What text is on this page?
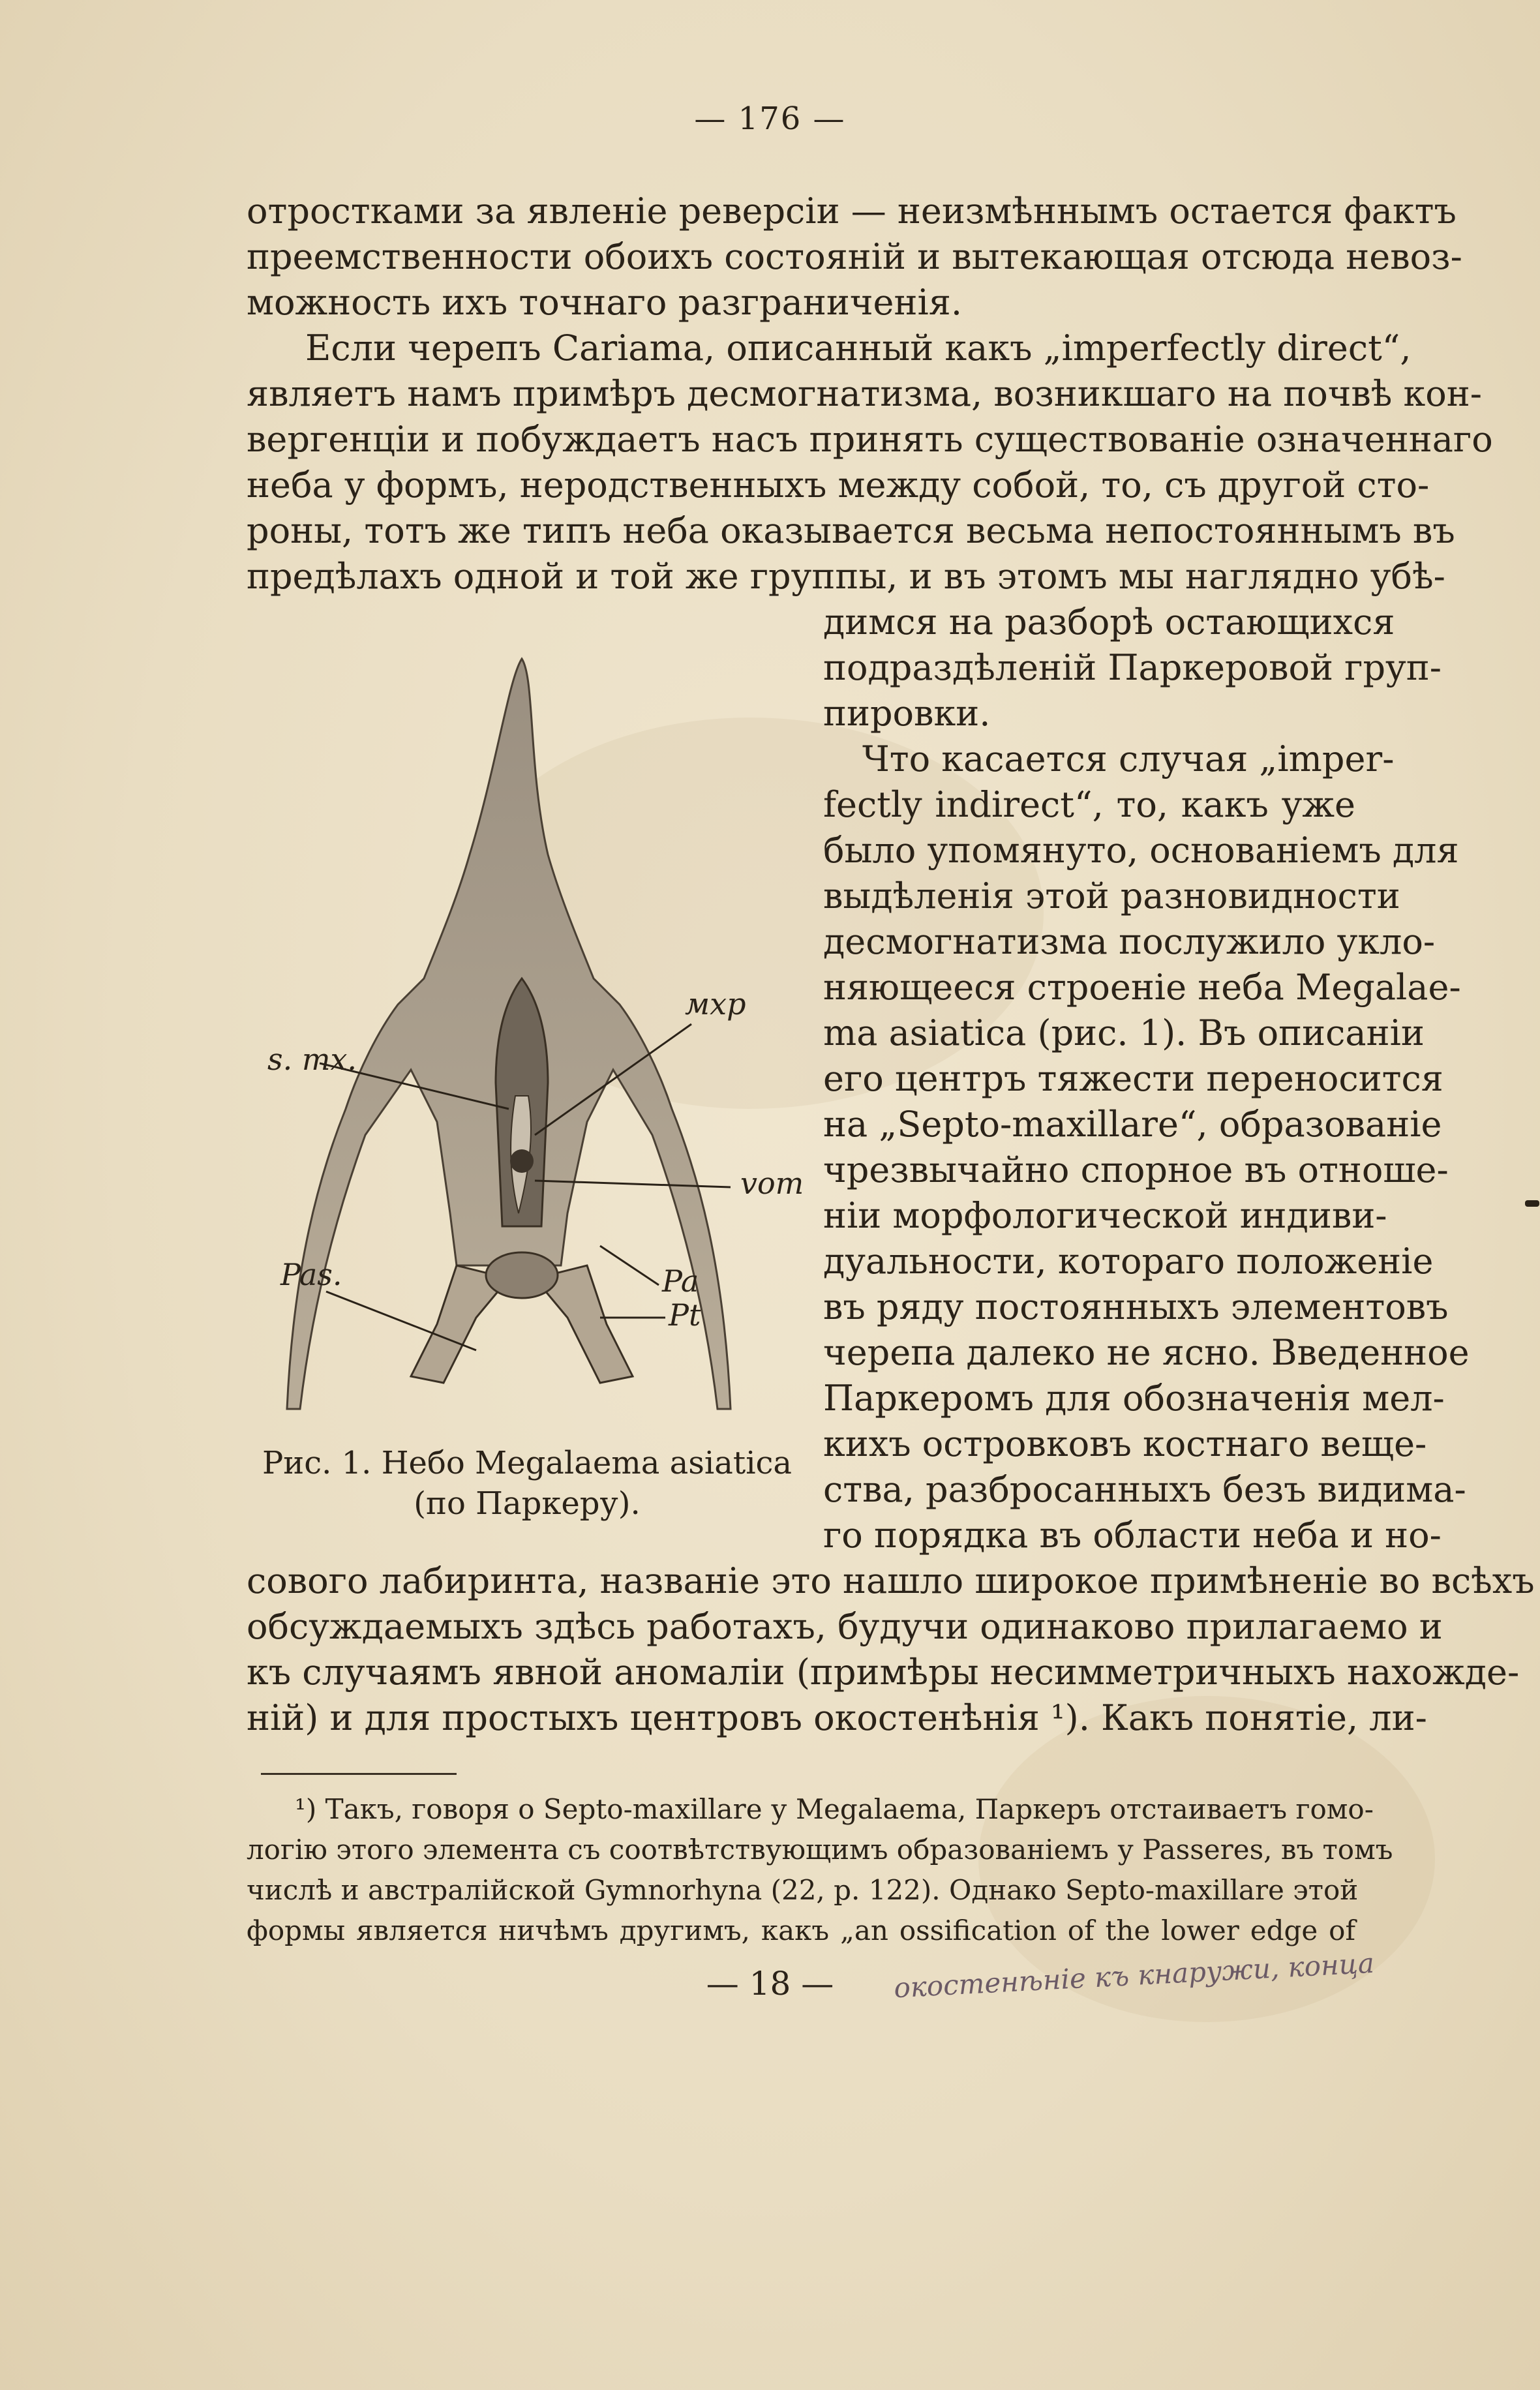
— 176 —
отростками за явленіе реверсіи — неизмѣннымъ остается фактъ
преемственности обоихъ состояній и вытекающая отсюда невоз-
можность ихъ точнаго разграниченія.
Если черепъ Cariama, описанный какъ „imperfectly direct“,
являетъ намъ примѣръ десмогнатизма, возникшаго на почвѣ кон-
вергенціи и побуждаетъ насъ принять существованіе означеннаго
неба у формъ, неродственныхъ между собой, то, съ другой сто-
роны, тотъ же типъ неба оказывается весьма непостояннымъ въ
предѣлахъ одной и той же группы, и въ этомъ мы наглядно убѣ-
димся на разборѣ остающихся
подраздѣленій Паркеровой груп-
пировки.
Что касается случая „imper-
fectly indirect“, то, какъ уже
было упомянуто, основаніемъ для
выдѣленія этой разновидности
десмогнатизма послужило укло-
няющееся строеніе неба Megalae-
ma asiatica (рис. 1). Въ описаніи
его центръ тяжести переносится
на „Septo-maxillare“, образованіе
чрезвычайно спорное въ отноше-
ніи морфологической индиви-
дуальности, котораго положеніе
въ ряду постоянныхъ элементовъ
черепа далеко не ясно. Введенное
Паркеромъ для обозначенія мел-
кихъ островковъ костнаго веще-
ства, разбросанныхъ безъ видима-
го порядка въ области неба и но-
мхр
s. mx.
vom
Pas.	Pa
Pt
Рис. 1. Небо Megalaema asiatica
(по Паркеру).
сового лабиринта, названіе это нашло широкое примѣненіе во всѣхъ
обсуждаемыхъ здѣсь работахъ, будучи одинаково прилагаемо и
къ случаямъ явной аномаліи (примѣры несимметричныхъ нахожде-
ній) и для простыхъ центровъ окостенѣнія ¹). Какъ понятіе, ли-
¹) Такъ, говоря о Septo-maxillare у Megalaema, Паркеръ отстаиваетъ гомо-
логію этого элемента съ соотвѣтствующимъ образованіемъ у Passeres, въ томъ
числѣ и австралійской Gymnorhyna (22, p. 122). Однако Septo-maxillare этой
формы является ничѣмъ другимъ, какъ „an ossification of the lower edge of
— 18 —	окостенѣніе къ кнаружи, конца
